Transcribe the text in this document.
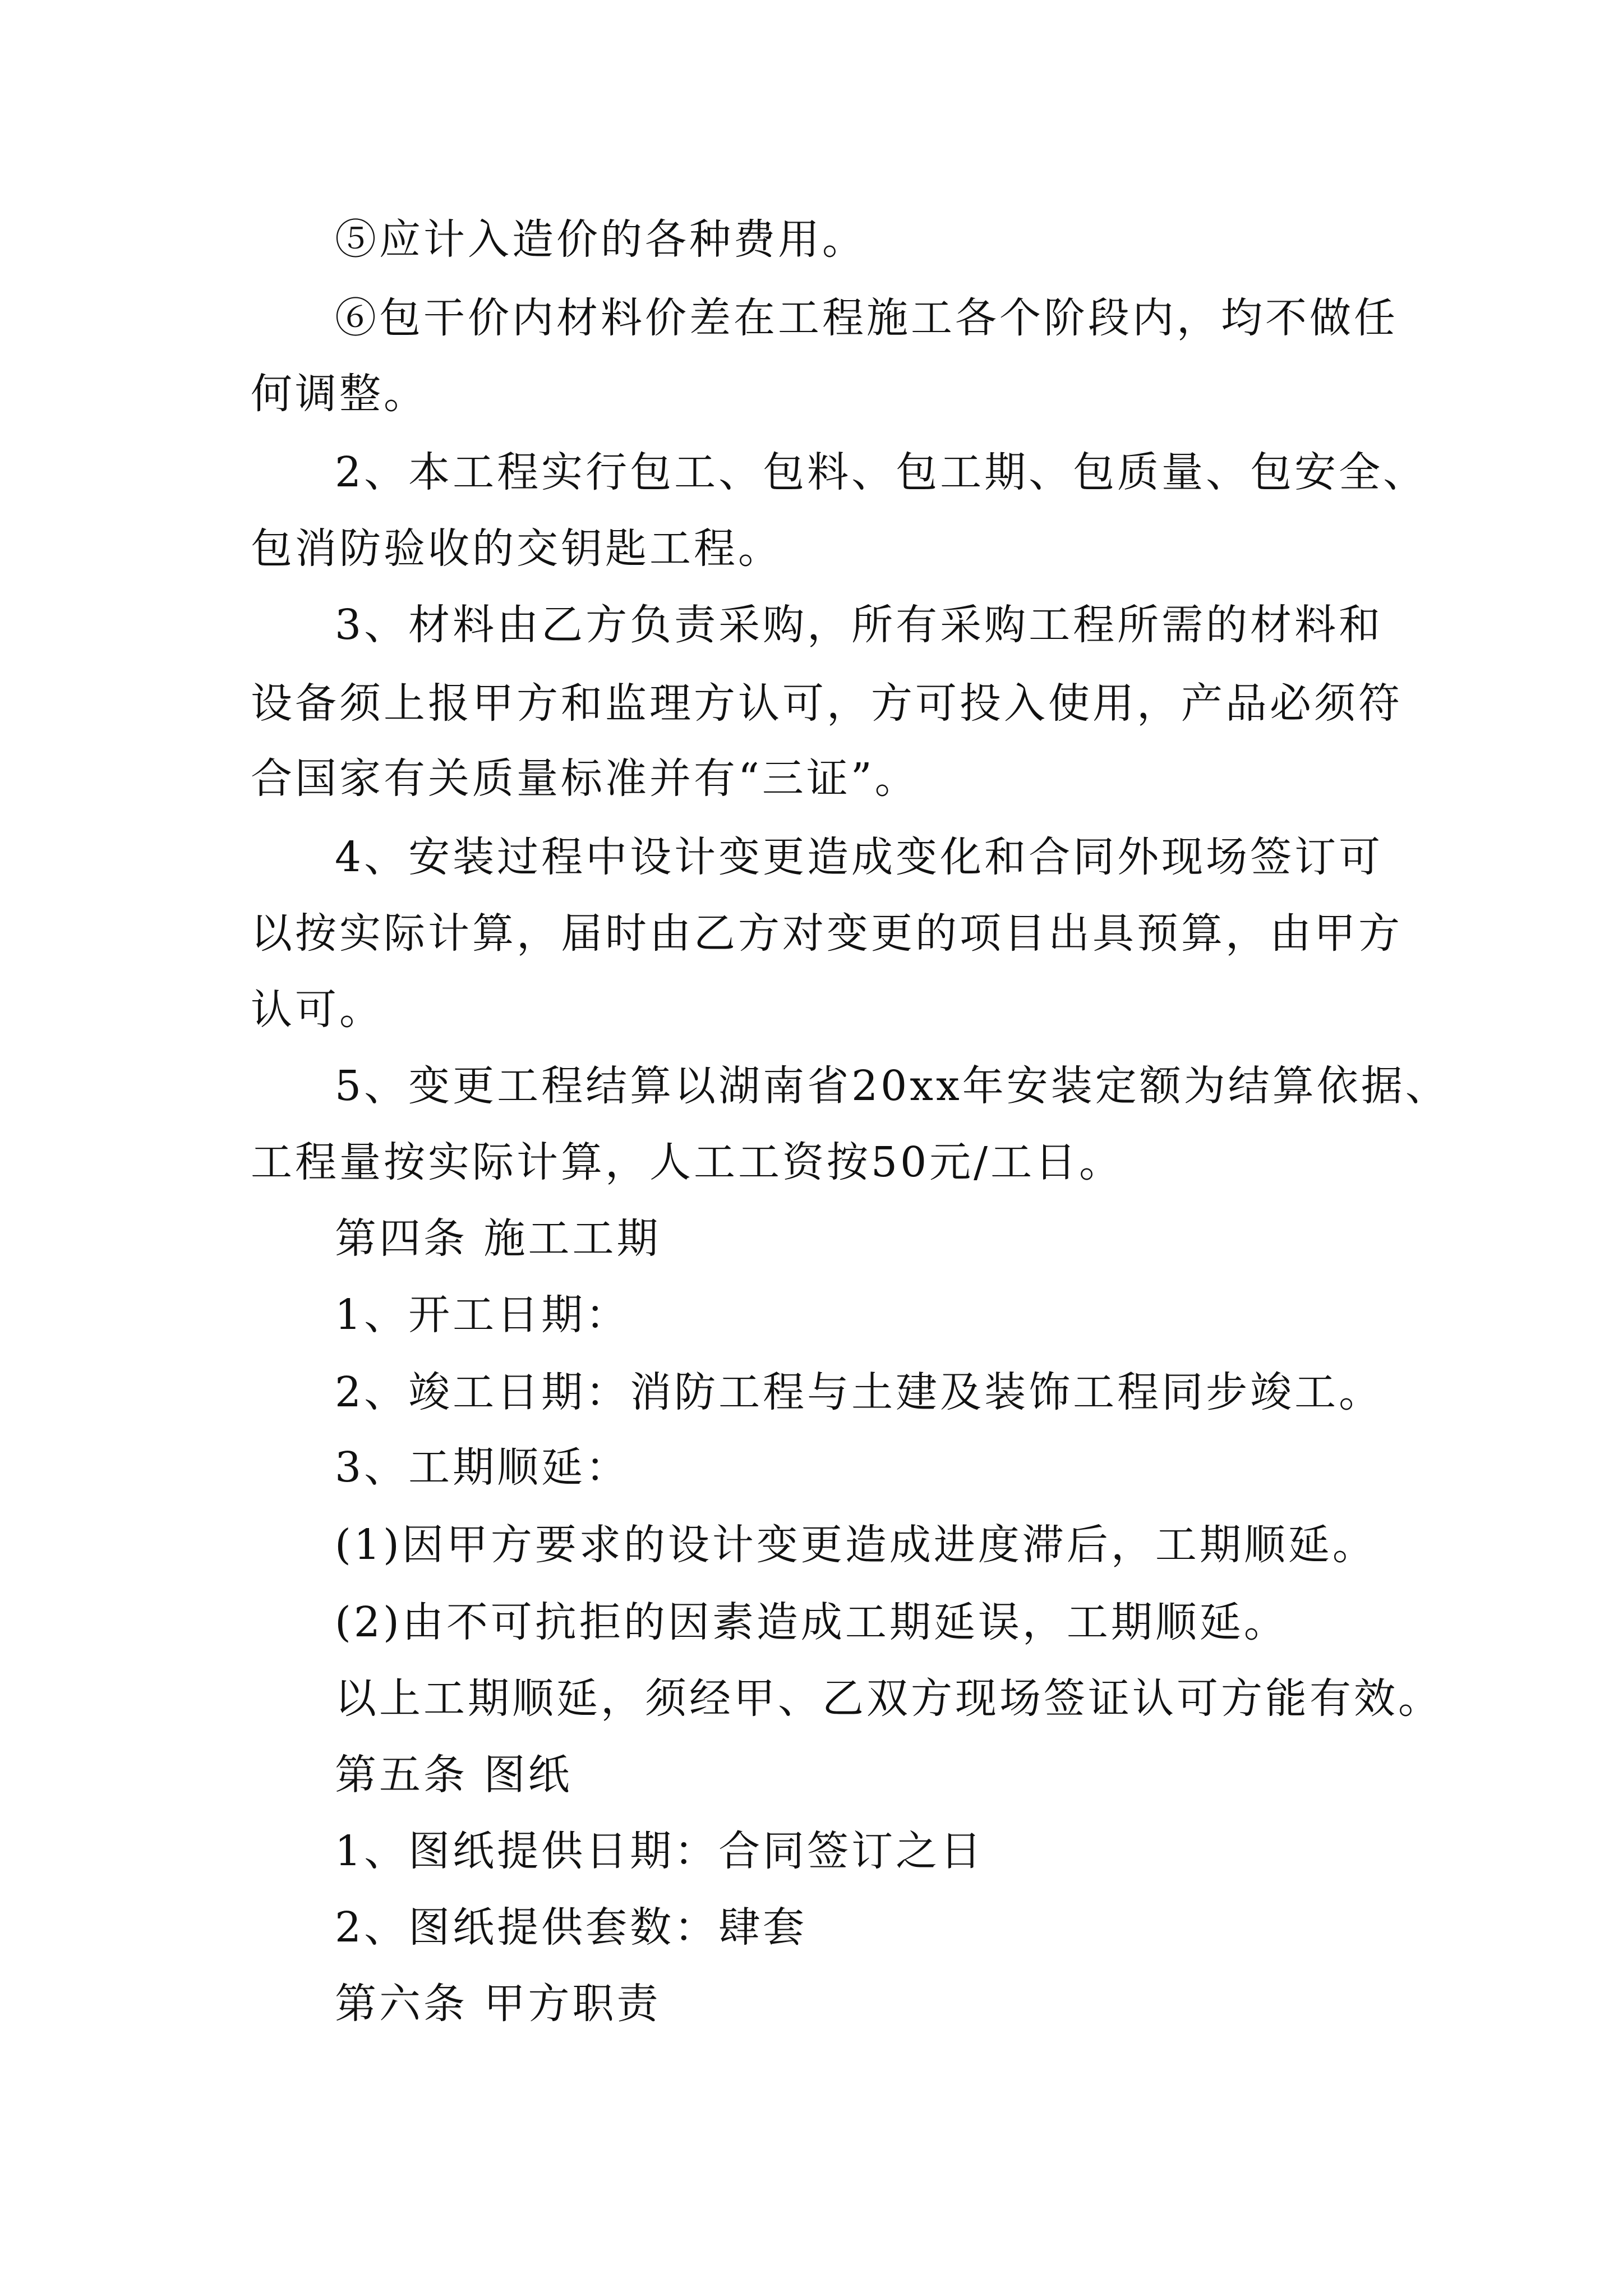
⑤应计入造价的各种费用。
⑥包干价内材料价差在工程施工各个阶段内，均不做任
何调整。
2、本工程实行包工、包料、包工期、包质量、包安全、
包消防验收的交钥匙工程。
3、材料由乙方负责采购，所有采购工程所需的材料和
设备须上报甲方和监理方认可，方可投入使用，产品必须符
合国家有关质量标准并有“三证”。
4、安装过程中设计变更造成变化和合同外现场签订可
以按实际计算，届时由乙方对变更的项目出具预算，由甲方
认可。
5、变更工程结算以湖南省20xx年安装定额为结算依据、
工程量按实际计算，人工工资按50元/工日。
第四条 施工工期
1、开工日期：
2、竣工日期：消防工程与土建及装饰工程同步竣工。
3、工期顺延：
(1)因甲方要求的设计变更造成进度滞后，工期顺延。
(2)由不可抗拒的因素造成工期延误，工期顺延。
以上工期顺延，须经甲、乙双方现场签证认可方能有效。
第五条 图纸
1、图纸提供日期：合同签订之日
2、图纸提供套数：肆套
第六条 甲方职责
